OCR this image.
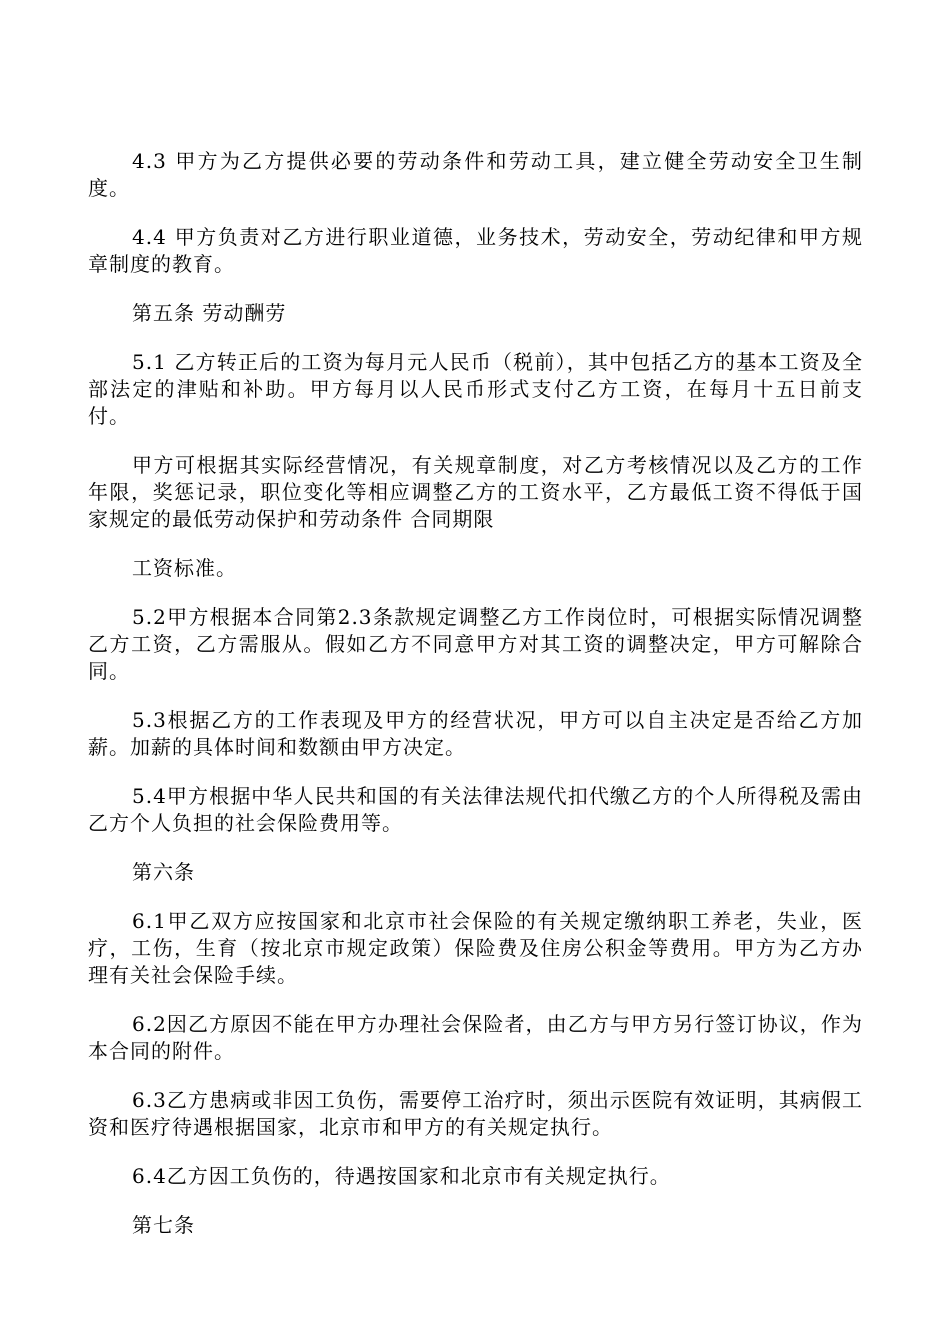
4.3 甲方为乙方提供必要的劳动条件和劳动工具，建立健全劳动安全卫生制度。

4.4 甲方负责对乙方进行职业道德，业务技术，劳动安全，劳动纪律和甲方规章制度的教育。

第五条 劳动酬劳

5.1 乙方转正后的工资为每月元人民币（税前），其中包括乙方的基本工资及全部法定的津贴和补助。甲方每月以人民币形式支付乙方工资，在每月十五日前支付。

甲方可根据其实际经营情况，有关规章制度，对乙方考核情况以及乙方的工作年限，奖惩记录，职位变化等相应调整乙方的工资水平，乙方最低工资不得低于国家规定的最低劳动保护和劳动条件 合同期限

工资标准。

5.2甲方根据本合同第2.3条款规定调整乙方工作岗位时，可根据实际情况调整乙方工资，乙方需服从。假如乙方不同意甲方对其工资的调整决定，甲方可解除合同。

5.3根据乙方的工作表现及甲方的经营状况，甲方可以自主决定是否给乙方加薪。加薪的具体时间和数额由甲方决定。

5.4甲方根据中华人民共和国的有关法律法规代扣代缴乙方的个人所得税及需由乙方个人负担的社会保险费用等。

第六条

6.1甲乙双方应按国家和北京市社会保险的有关规定缴纳职工养老，失业，医疗，工伤，生育（按北京市规定政策）保险费及住房公积金等费用。甲方为乙方办理有关社会保险手续。

6.2因乙方原因不能在甲方办理社会保险者，由乙方与甲方另行签订协议，作为本合同的附件。

6.3乙方患病或非因工负伤，需要停工治疗时，须出示医院有效证明，其病假工资和医疗待遇根据国家，北京市和甲方的有关规定执行。

6.4乙方因工负伤的，待遇按国家和北京市有关规定执行。

第七条
